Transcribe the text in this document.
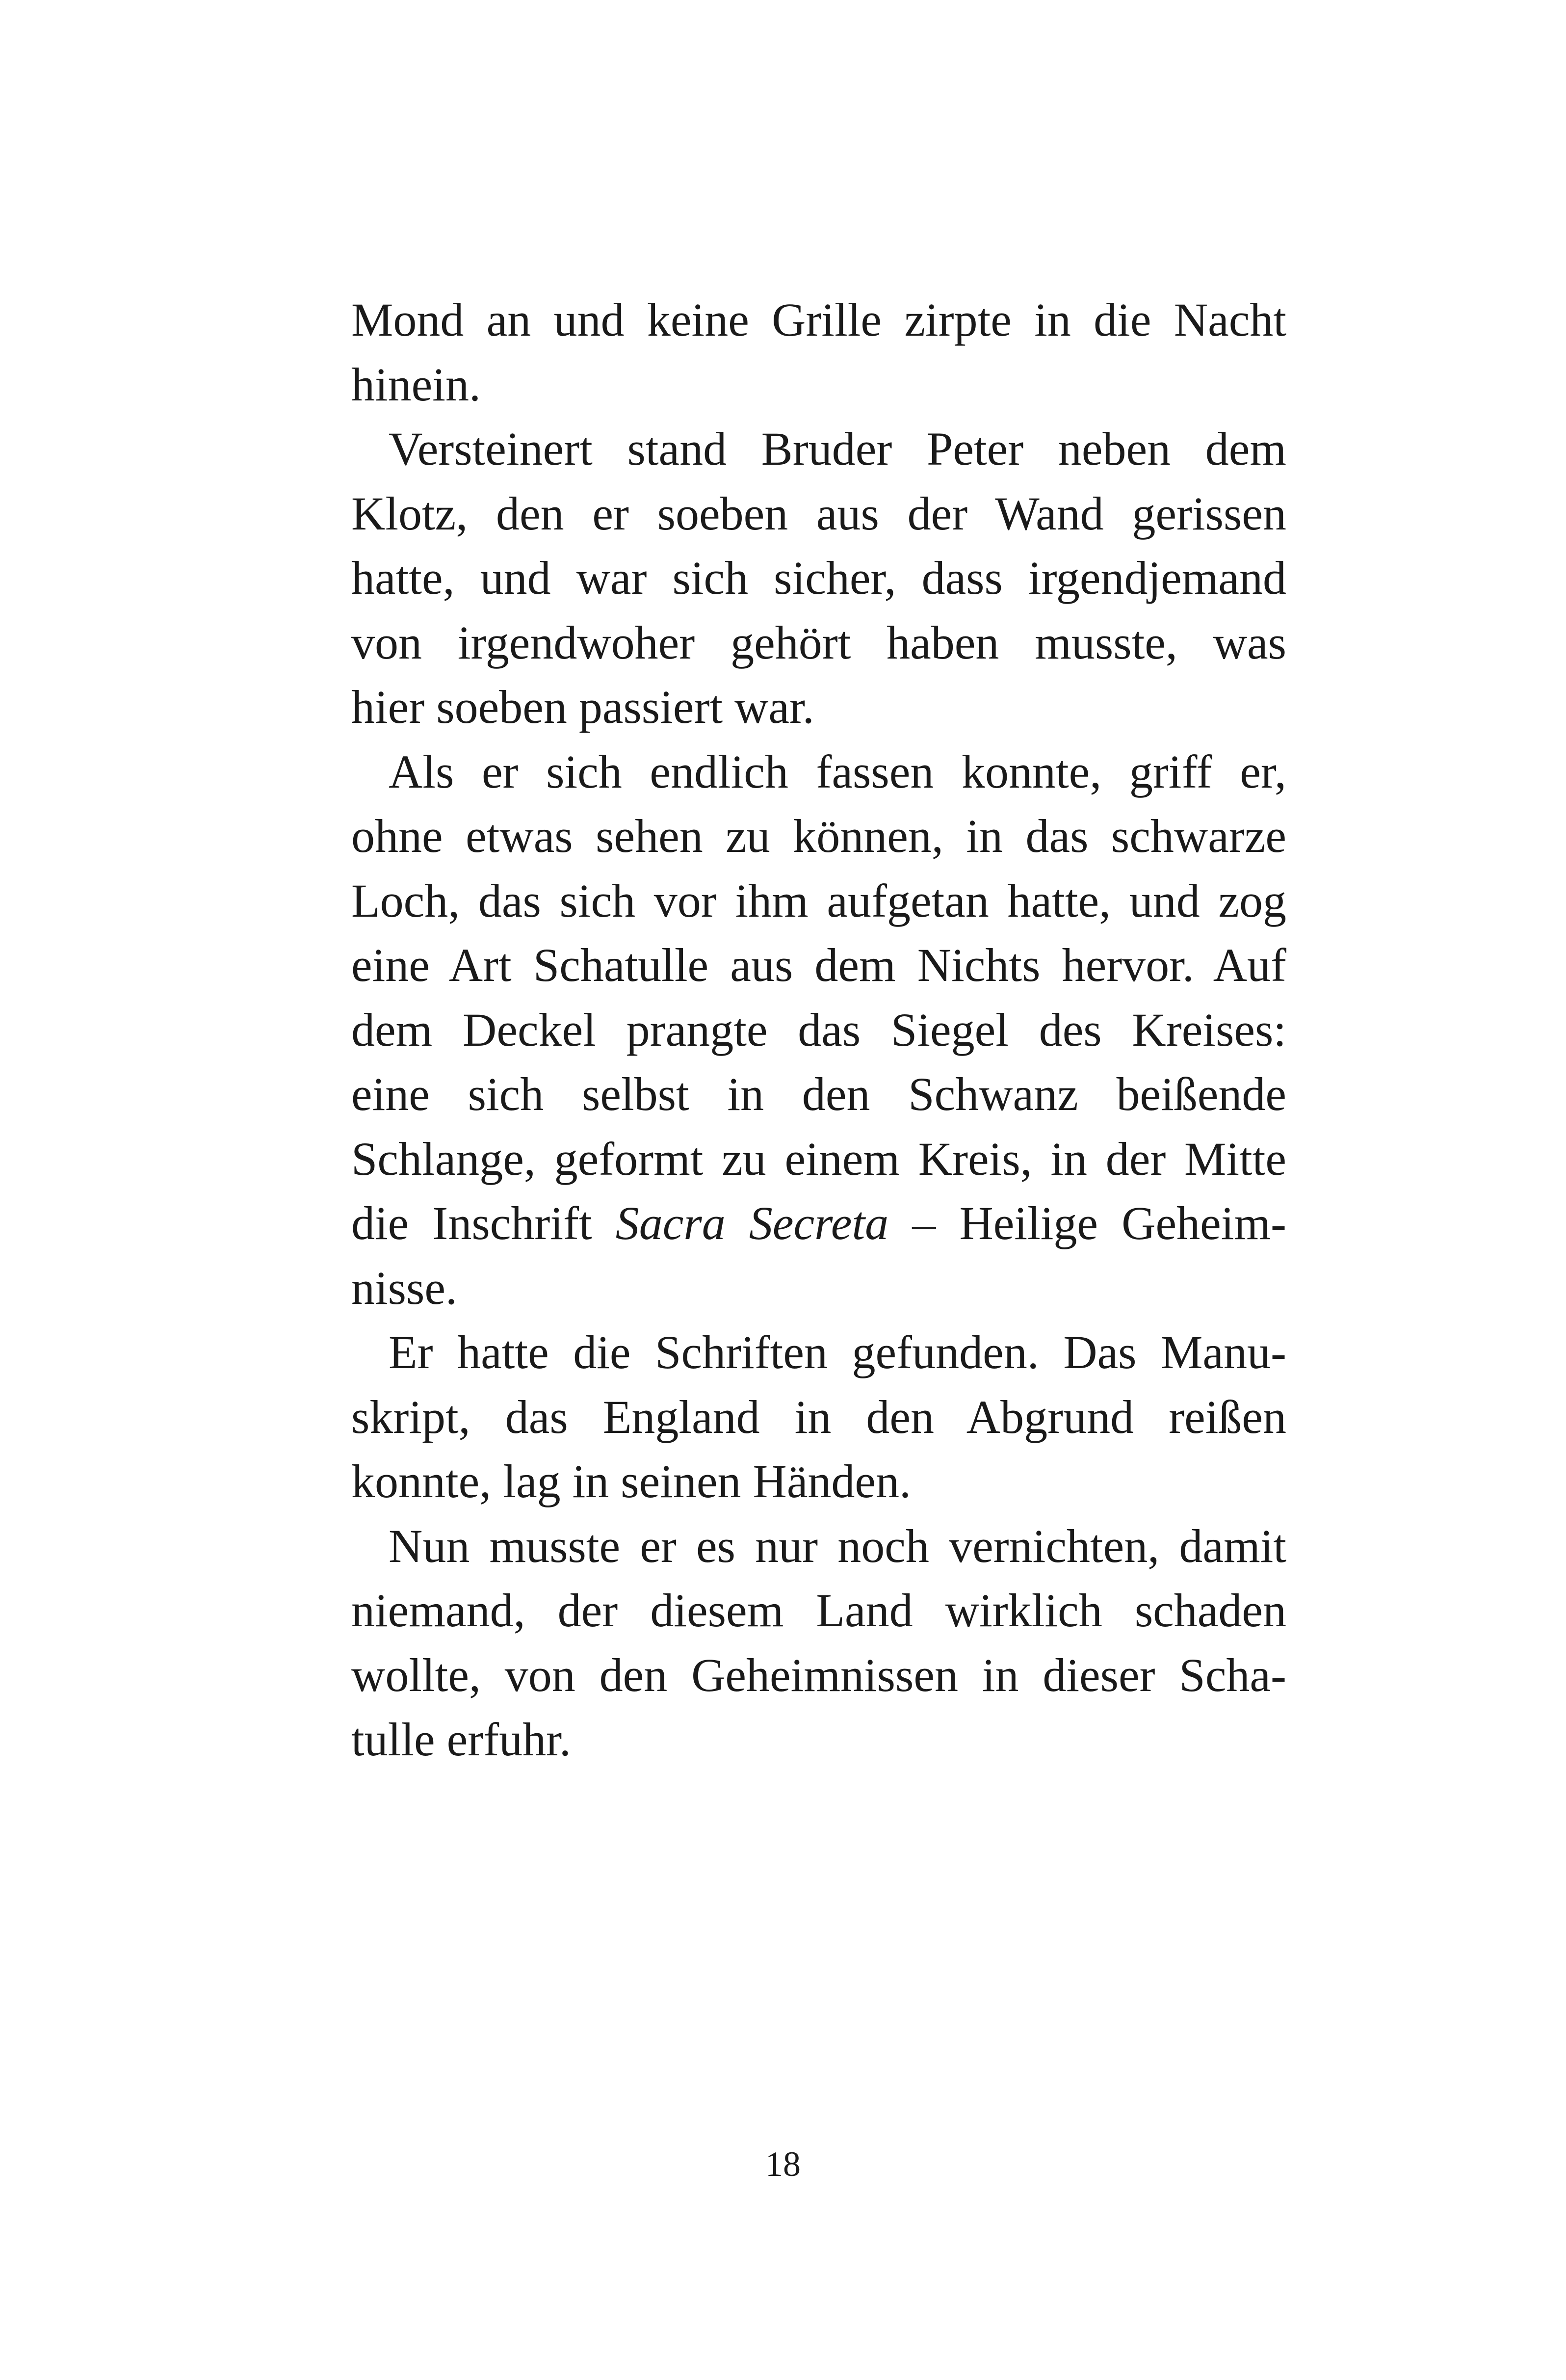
Mond an und keine Grille zirpte in die Nacht
hinein.
Versteinert stand Bruder Peter neben dem
Klotz, den er soeben aus der Wand gerissen
hatte, und war sich sicher, dass irgendjemand
von irgendwoher gehört haben musste, was
hier soeben passiert war.
Als er sich endlich fassen konnte, griff er,
ohne etwas sehen zu können, in das schwarze
Loch, das sich vor ihm aufgetan hatte, und zog
eine Art Schatulle aus dem Nichts hervor. Auf
dem Deckel prangte das Siegel des Kreises:
eine sich selbst in den Schwanz beißende
Schlange, geformt zu einem Kreis, in der Mitte
die Inschrift Sacra Secreta – Heilige Geheim-
nisse.
Er hatte die Schriften gefunden. Das Manu-
skript, das England in den Abgrund reißen
konnte, lag in seinen Händen.
Nun musste er es nur noch vernichten, damit
niemand, der diesem Land wirklich schaden
wollte, von den Geheimnissen in dieser Scha-
tulle erfuhr.
18
